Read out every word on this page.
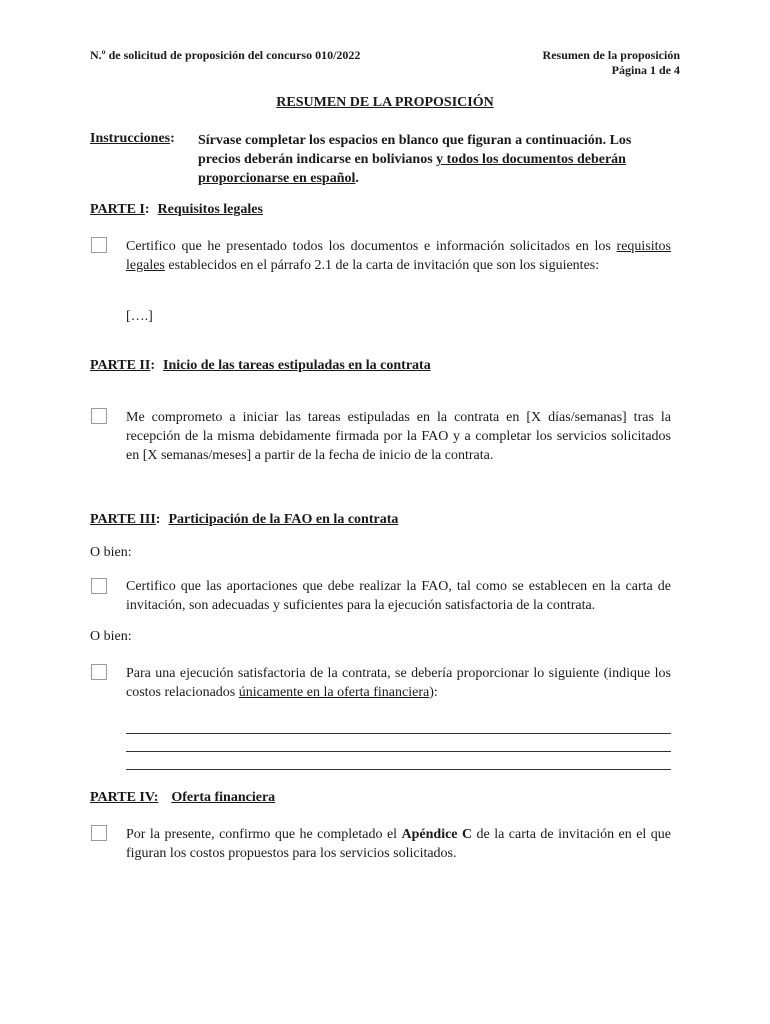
N.º de solicitud de proposición del concurso 010/2022	Resumen de la proposición
Página 1 de 4
RESUMEN DE LA PROPOSICIÓN
Instrucciones: Sírvase completar los espacios en blanco que figuran a continuación. Los precios deberán indicarse en bolivianos y todos los documentos deberán proporcionarse en español.
PARTE I: Requisitos legales
Certifico que he presentado todos los documentos e información solicitados en los requisitos legales establecidos en el párrafo 2.1 de la carta de invitación que son los siguientes:
[….]
PARTE II: Inicio de las tareas estipuladas en la contrata
Me comprometo a iniciar las tareas estipuladas en la contrata en [X días/semanas] tras la recepción de la misma debidamente firmada por la FAO y a completar los servicios solicitados en [X semanas/meses] a partir de la fecha de inicio de la contrata.
PARTE III: Participación de la FAO en la contrata
O bien:
Certifico que las aportaciones que debe realizar la FAO, tal como se establecen en la carta de invitación, son adecuadas y suficientes para la ejecución satisfactoria de la contrata.
O bien:
Para una ejecución satisfactoria de la contrata, se debería proporcionar lo siguiente (indique los costos relacionados únicamente en la oferta financiera):
PARTE IV: Oferta financiera
Por la presente, confirmo que he completado el Apéndice C de la carta de invitación en el que figuran los costos propuestos para los servicios solicitados.
